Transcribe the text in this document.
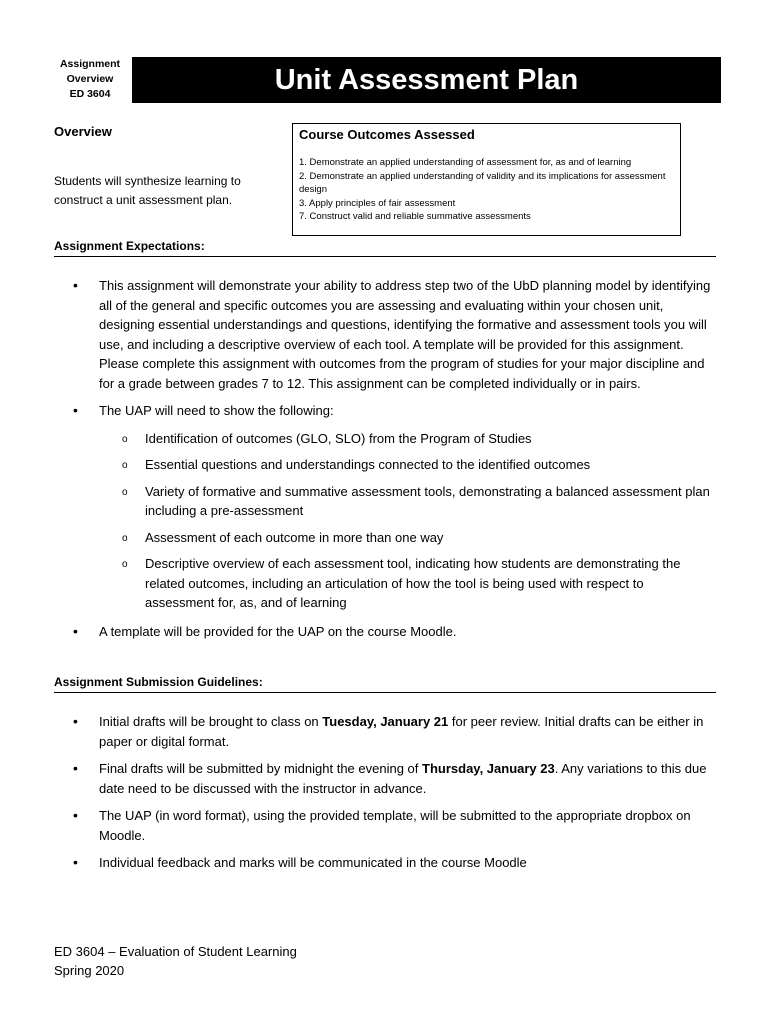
Assignment
Overview
ED 3604	Unit Assessment Plan
Overview
Students will synthesize learning to construct a unit assessment plan.
Course Outcomes Assessed
1. Demonstrate an applied understanding of assessment for, as and of learning
2. Demonstrate an applied understanding of validity and its implications for assessment design
3. Apply principles of fair assessment
7. Construct valid and reliable summative assessments
Assignment Expectations:
• This assignment will demonstrate your ability to address step two of the UbD planning model by identifying all of the general and specific outcomes you are assessing and evaluating within your chosen unit, designing essential understandings and questions, identifying the formative and assessment tools you will use, and including a descriptive overview of each tool. A template will be provided for this assignment. Please complete this assignment with outcomes from the program of studies for your major discipline and for a grade between grades 7 to 12. This assignment can be completed individually or in pairs.
• The UAP will need to show the following:
o Identification of outcomes (GLO, SLO) from the Program of Studies
o Essential questions and understandings connected to the identified outcomes
o Variety of formative and summative assessment tools, demonstrating a balanced assessment plan including a pre-assessment
o Assessment of each outcome in more than one way
o Descriptive overview of each assessment tool, indicating how students are demonstrating the related outcomes, including an articulation of how the tool is being used with respect to assessment for, as, and of learning
• A template will be provided for the UAP on the course Moodle.
Assignment Submission Guidelines:
• Initial drafts will be brought to class on Tuesday, January 21 for peer review. Initial drafts can be either in paper or digital format.
• Final drafts will be submitted by midnight the evening of Thursday, January 23. Any variations to this due date need to be discussed with the instructor in advance.
• The UAP (in word format), using the provided template, will be submitted to the appropriate dropbox on Moodle.
• Individual feedback and marks will be communicated in the course Moodle
ED 3604 – Evaluation of Student Learning
Spring 2020
